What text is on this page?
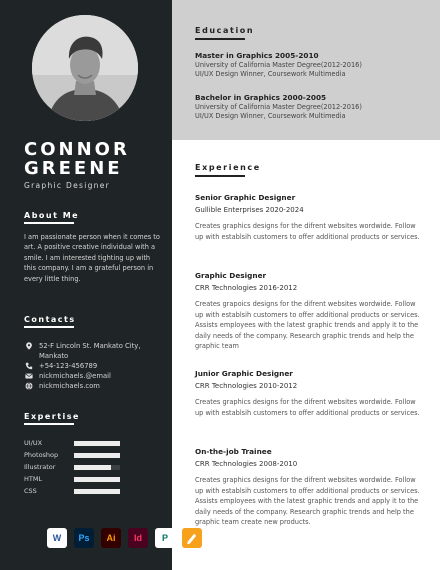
CONNOR
GREENE
Graphic Designer
About Me
I am passionate person when it comes to art. A positive creative individual with a smile. I am interested tighting up with this company. I am a grateful person in every little thing.
Contacts
52-F Lincoln St. Mankato City,
Mankato
+54-123-456789
nickmichaels.@email
nickmichaels.com
Expertise
UI/UX
Photoshop
Illustrator
HTML
CSS
W	Ps	Ai	Id	P
Education
Master in Graphics 2005-2010
University of California Master Degree(2012-2016)
UI/UX Design Winner, Coursework Multimedia
Bachelor in Graphics 2000-2005
University of California Master Degree(2012-2016)
UI/UX Design Winner, Coursework Multimedia
Experience
Senior Graphic Designer
Gullible Enterprises 2020-2024
Creates graphics designs for the difrent websites wordwide. Follow up with establsih customers to offer additional products or services.
Graphic Designer
CRR Technologies 2016-2012
Creates grapoics designs for the difrent websites wordwide. Follow up with establsih customers to offer additional products or services. Assists employees with the latest graphic trends and apply it to the daily needs of the company. Research graphic trends and help the graphic team
Junior Graphic Designer
CRR Technologies 2010-2012
Creates graphics designs for the difrent websites wordwide. Follow up with establsih customers to offer additional products or services.
On-the-job Trainee
CRR Technologies 2008-2010
Creates graphics designs for the difrent websites wordwide. Follow up with establsih customers to offer additional products or services. Assists employees with the latest graphic trends and apply it to the daily needs of the company. Research graphic trends and help the graphic team create new products.
